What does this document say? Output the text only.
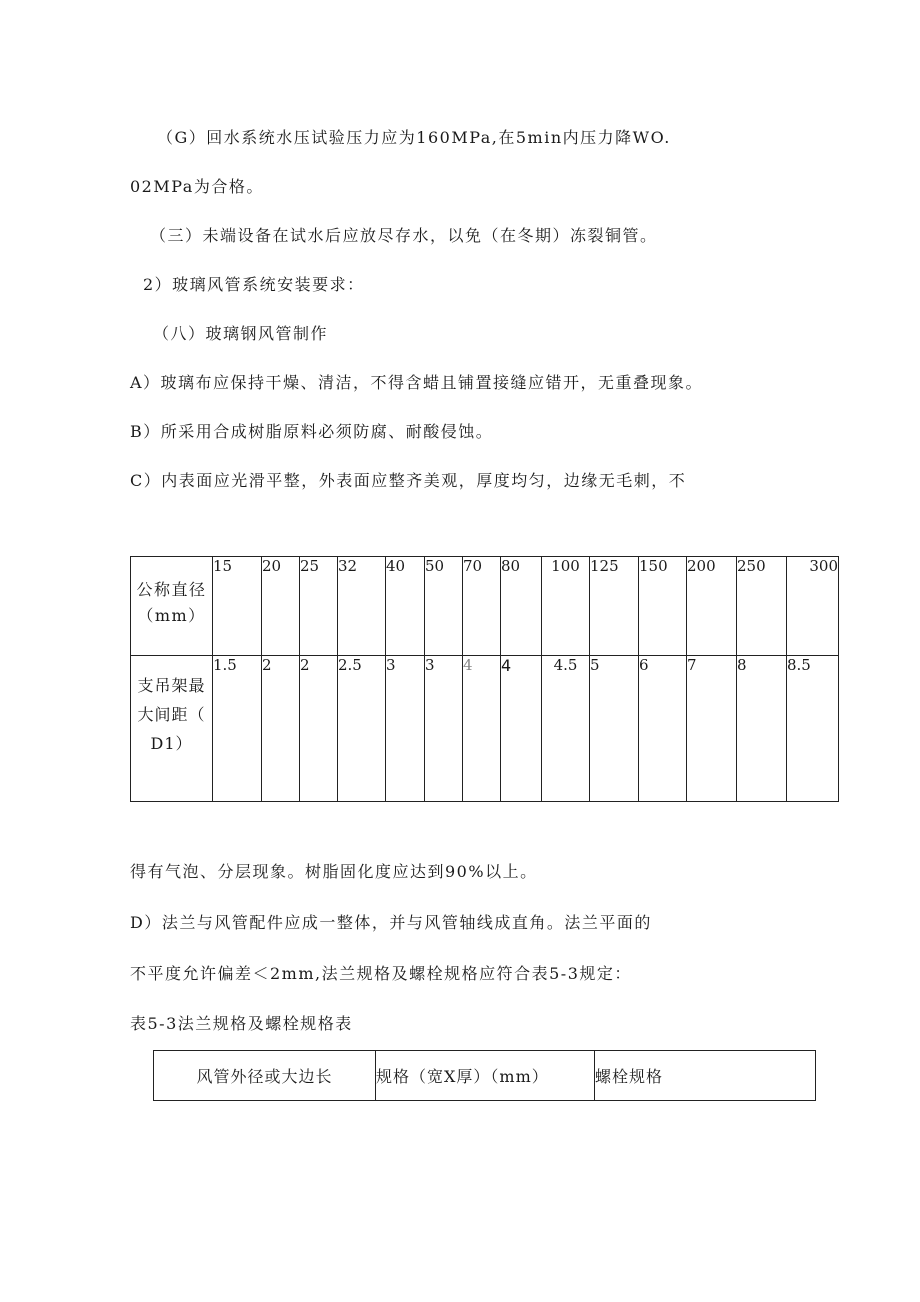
（G）回水系统水压试验压力应为160MPa,在5min内压力降WO.
02MPa为合格。
（三）未端设备在试水后应放尽存水，以免（在冬期）冻裂铜管。
2）玻璃风管系统安装要求：
（八）玻璃钢风管制作
A）玻璃布应保持干燥、清洁，不得含蜡且铺置接缝应错开，无重叠现象。
B）所采用合成树脂原料必须防腐、耐酸侵蚀。
C）内表面应光滑平整，外表面应整齐美观，厚度均匀，边缘无毛刺，不
公称直径
（mm）	15	20	25	32	40	50	70	80	100	125	150	200	250	300

支吊架最
大间距（
D1）	1.5	2	2	2.5	3	3	4	4	4.5	5	6	7	8	8.5
得有气泡、分层现象。树脂固化度应达到90%以上。
D）法兰与风管配件应成一整体，并与风管轴线成直角。法兰平面的
不平度允许偏差＜2mm,法兰规格及螺栓规格应符合表5-3规定：
表5-3法兰规格及螺栓规格表
风管外径或大边长	规格（宽X厚）（mm）	螺栓规格
